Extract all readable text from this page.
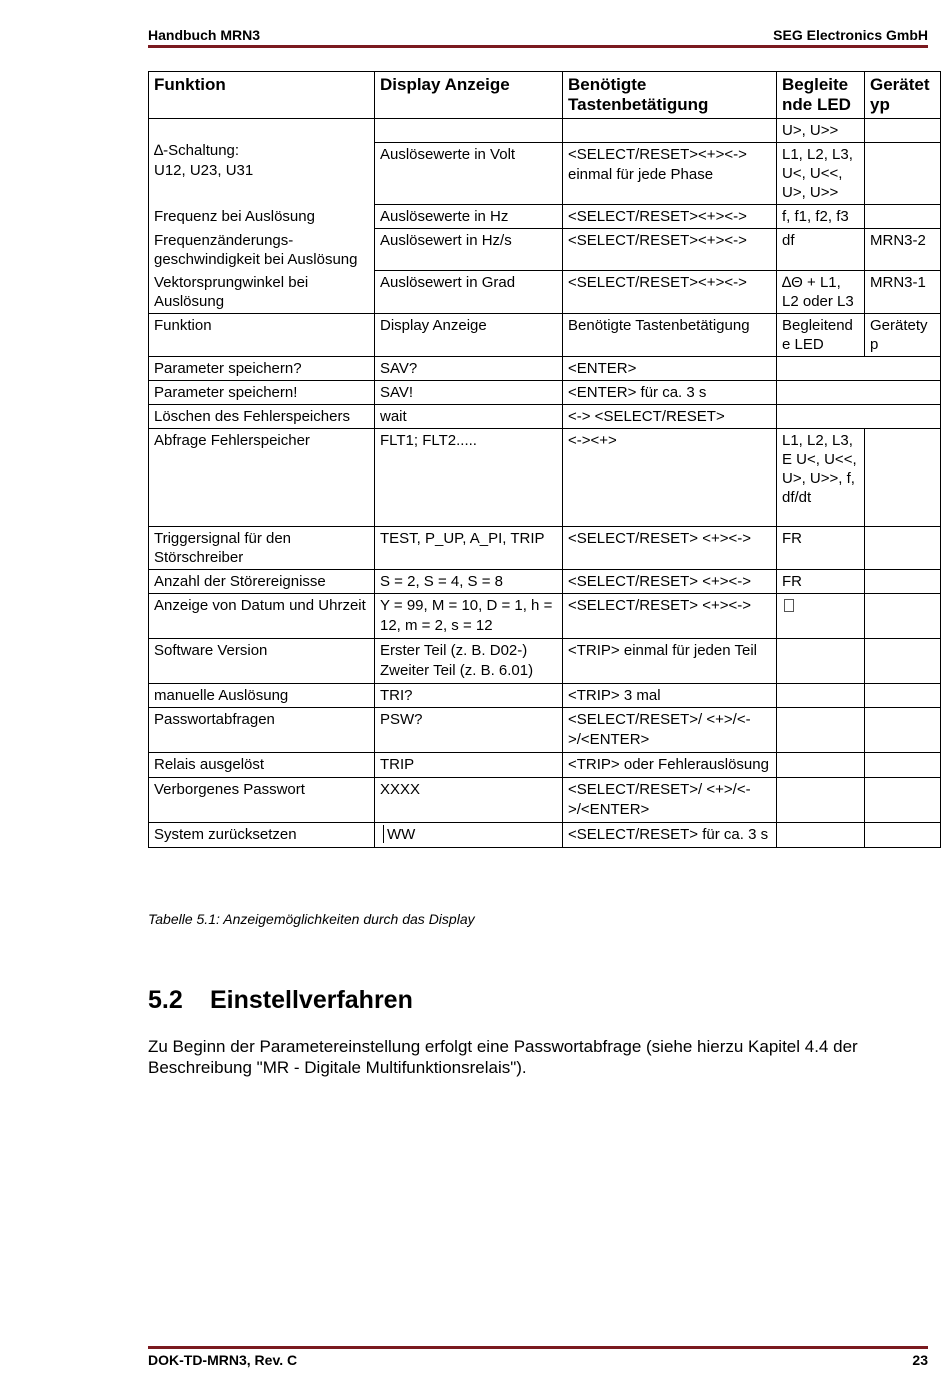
Handbuch MRN3	SEG Electronics GmbH
Funktion	Display Anzeige	Benötigte Tastenbetätigung	Begleite nde LED	Gerätet yp

∆-Schaltung:
U12, U23, U31			U>, U>>	
	Auslösewerte in Volt	<SELECT/RESET><+><-> einmal für jede Phase	L1, L2, L3, U<, U<<, U>, U>>	
Frequenz bei Auslösung	Auslösewerte in Hz	<SELECT/RESET><+><->	f, f1, f2, f3	
Frequenzänderungs-geschwindigkeit bei Auslösung	Auslösewert in Hz/s	<SELECT/RESET><+><->	df	MRN3-2
Vektorsprungwinkel bei Auslösung	Auslösewert in Grad	<SELECT/RESET><+><->	∆Θ + L1, L2 oder L3	MRN3-1
Funktion	Display Anzeige	Benötigte Tastenbetätigung	Begleitend e LED	Gerätety p
Parameter speichern?	SAV?	<ENTER>		
Parameter speichern!	SAV!	<ENTER> für ca. 3 s		
Löschen des Fehlerspeichers	wait	<-> <SELECT/RESET>		
Abfrage Fehlerspeicher	FLT1; FLT2.....	<-><+>	L1, L2, L3, E U<, U<<, U>, U>>, f, df/dt	
Triggersignal für den Störschreiber	TEST, P_UP, A_PI, TRIP	<SELECT/RESET> <+><->	FR	
Anzahl der Störereignisse	S = 2, S = 4, S = 8	<SELECT/RESET> <+><->	FR	
Anzeige von Datum und Uhrzeit	Y = 99, M = 10, D = 1, h = 12, m = 2, s = 12	<SELECT/RESET> <+><->		
Software Version	Erster Teil (z. B. D02-) Zweiter Teil (z. B. 6.01)	<TRIP> einmal für jeden Teil		
manuelle Auslösung	TRI?	<TRIP> 3 mal		
Passwortabfragen	PSW?	<SELECT/RESET>/ <+>/<->/<ENTER>		
Relais ausgelöst	TRIP	<TRIP> oder Fehlerauslösung		
Verborgenes Passwort	XXXX	<SELECT/RESET>/ <+>/<->/<ENTER>		
System zurücksetzen	WW	<SELECT/RESET> für ca. 3 s		
Tabelle 5.1: Anzeigemöglichkeiten durch das Display
5.2 Einstellverfahren
Zu Beginn der Parametereinstellung erfolgt eine Passwortabfrage (siehe hierzu Kapitel 4.4 der Beschreibung "MR - Digitale Multifunktionsrelais").
DOK-TD-MRN3, Rev. C	23
